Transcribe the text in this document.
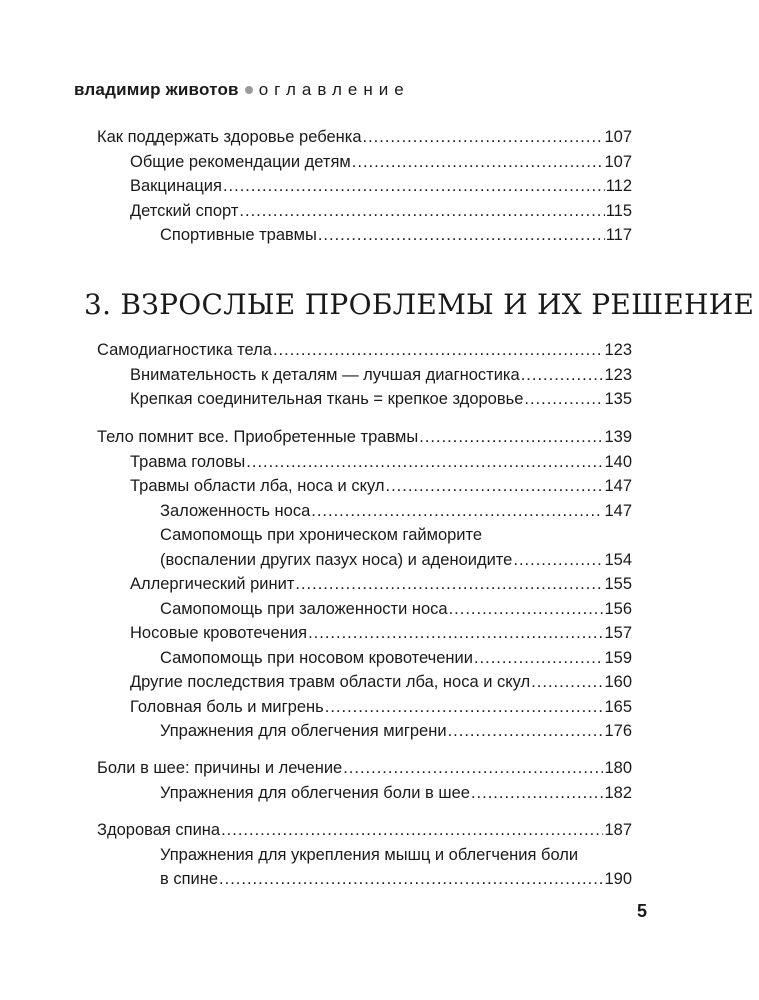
владимир животов оглавление
Как поддержать здоровье ребенка .....	107
Общие рекомендации детям .....	107
Вакцинация .....	112
Детский спорт .....	115
Спортивные травмы .....	117
3. ВЗРОСЛЫЕ ПРОБЛЕМЫ И ИХ РЕШЕНИЕ
Самодиагностика тела .....	123
Внимательность к деталям — лучшая диагностика .....	123
Крепкая соединительная ткань = крепкое здоровье .....	135
Тело помнит все. Приобретенные травмы .....	139
Травма головы .....	140
Травмы области лба, носа и скул .....	147
Заложенность носа .....	147
Самопомощь при хроническом гайморите
(воспалении других пазух носа) и аденоидите .....	154
Аллергический ринит .....	155
Самопомощь при заложенности носа .....	156
Носовые кровотечения .....	157
Самопомощь при носовом кровотечении .....	159
Другие последствия травм области лба, носа и скул .....	160
Головная боль и мигрень .....	165
Упражнения для облегчения мигрени .....	176
Боли в шее: причины и лечение .....	180
Упражнения для облегчения боли в шее .....	182
Здоровая спина .....	187
Упражнения для укрепления мышц и облегчения боли
в спине .....	190
5
